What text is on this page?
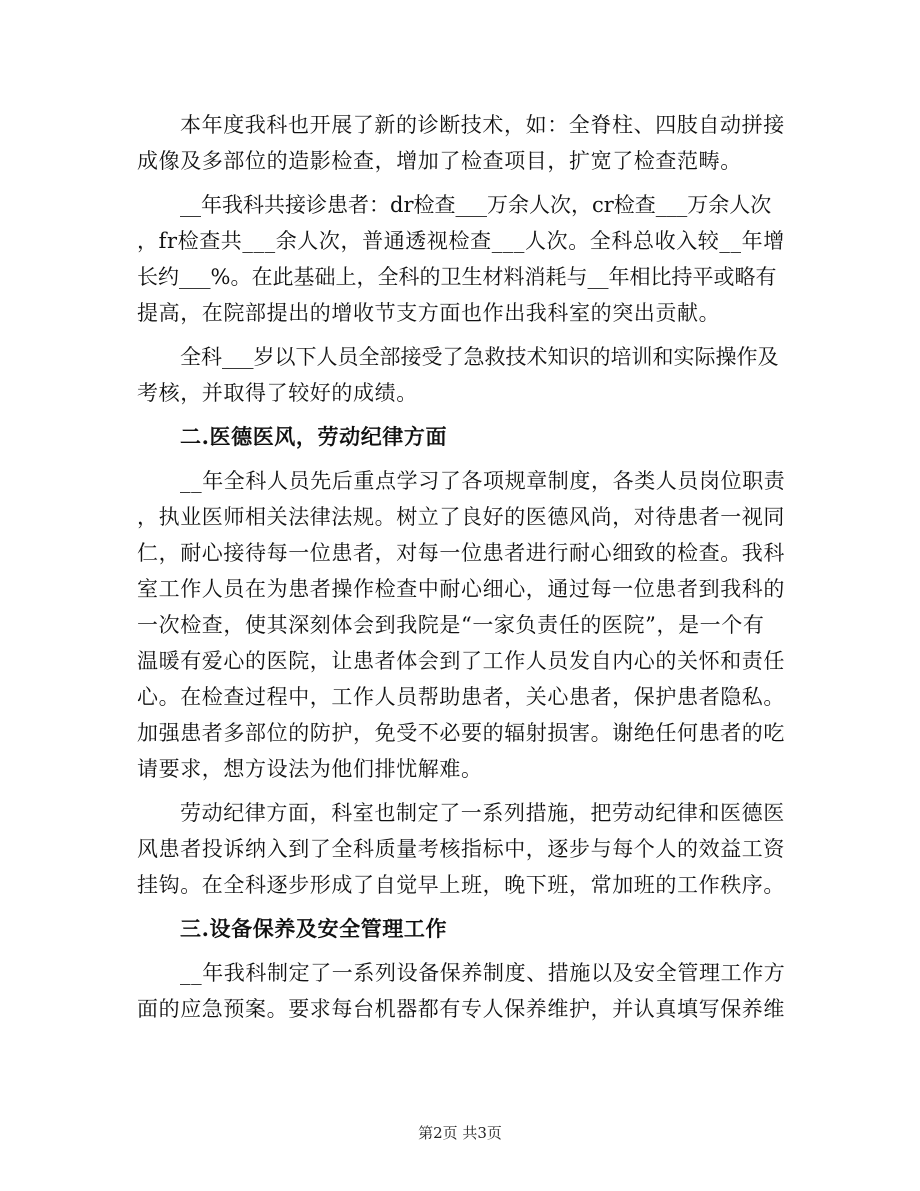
本年度我科也开展了新的诊断技术，如：全脊柱、四肢自动拼接
成像及多部位的造影检查，增加了检查项目，扩宽了检查范畴。
__年我科共接诊患者：dr检查___万余人次，cr检查___万余人次
，fr检查共___余人次，普通透视检查___人次。全科总收入较__年增
长约___%。在此基础上，全科的卫生材料消耗与__年相比持平或略有
提高，在院部提出的增收节支方面也作出我科室的突出贡献。
全科___岁以下人员全部接受了急救技术知识的培训和实际操作及
考核，并取得了较好的成绩。
二.医德医风，劳动纪律方面
__年全科人员先后重点学习了各项规章制度，各类人员岗位职责
，执业医师相关法律法规。树立了良好的医德风尚，对待患者一视同
仁，耐心接待每一位患者，对每一位患者进行耐心细致的检查。我科
室工作人员在为患者操作检查中耐心细心，通过每一位患者到我科的
一次检查，使其深刻体会到我院是“一家负责任的医院”，是一个有
温暖有爱心的医院，让患者体会到了工作人员发自内心的关怀和责任
心。在检查过程中，工作人员帮助患者，关心患者，保护患者隐私。
加强患者多部位的防护，免受不必要的辐射损害。谢绝任何患者的吃
请要求，想方设法为他们排忧解难。
劳动纪律方面，科室也制定了一系列措施，把劳动纪律和医德医
风患者投诉纳入到了全科质量考核指标中，逐步与每个人的效益工资
挂钩。在全科逐步形成了自觉早上班，晚下班，常加班的工作秩序。
三.设备保养及安全管理工作
__年我科制定了一系列设备保养制度、措施以及安全管理工作方
面的应急预案。要求每台机器都有专人保养维护，并认真填写保养维
第2页 共3页
